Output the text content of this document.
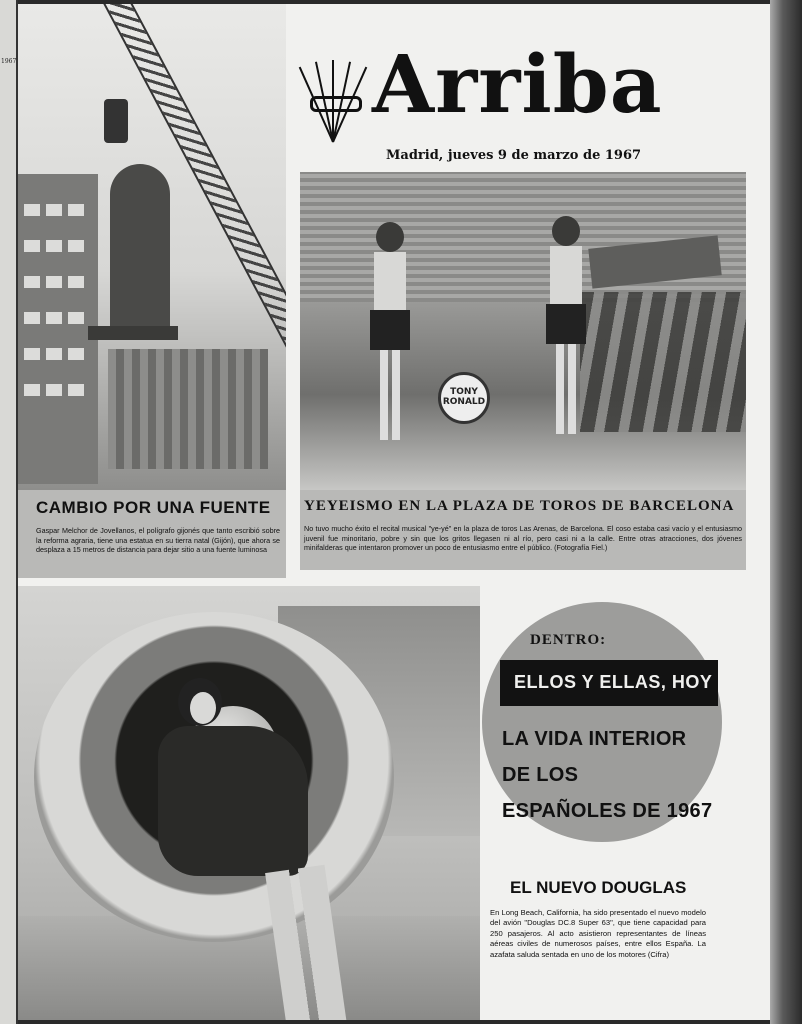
1967	Arriba
Madrid, jueves 9 de marzo de 1967
TONY RONALD
CAMBIO POR UNA FUENTE
Gaspar Melchor de Jovellanos, el polígrafo gijonés que tanto escribió sobre la reforma agraria, tiene una estatua en su tierra natal (Gijón), que ahora se desplaza a 15 metros de distancia para dejar sitio a una fuente luminosa
YEYEISMO EN LA PLAZA DE TOROS DE BARCELONA
No tuvo mucho éxito el recital musical "ye-yé" en la plaza de toros Las Arenas, de Barcelona. El coso estaba casi vacío y el entusiasmo juvenil fue minoritario, pobre y sin que los gritos llegasen ni al río, pero casi ni a la calle. Entre otras atracciones, dos jóvenes minifalderas que intentaron promover un poco de entusiasmo entre el público. (Fotografía Fiel.)
DENTRO:
ELLOS Y ELLAS, HOY
LA VIDA INTERIOR
DE LOS
ESPAÑOLES DE 1967
EL NUEVO DOUGLAS
En Long Beach, California, ha sido presentado el nuevo modelo del avión "Douglas DC.8 Super 63", que tiene capacidad para 250 pasajeros. Al acto asistieron representantes de líneas aéreas civiles de numerosos países, entre ellos España. La azafata saluda sentada en uno de los motores (Cifra)
